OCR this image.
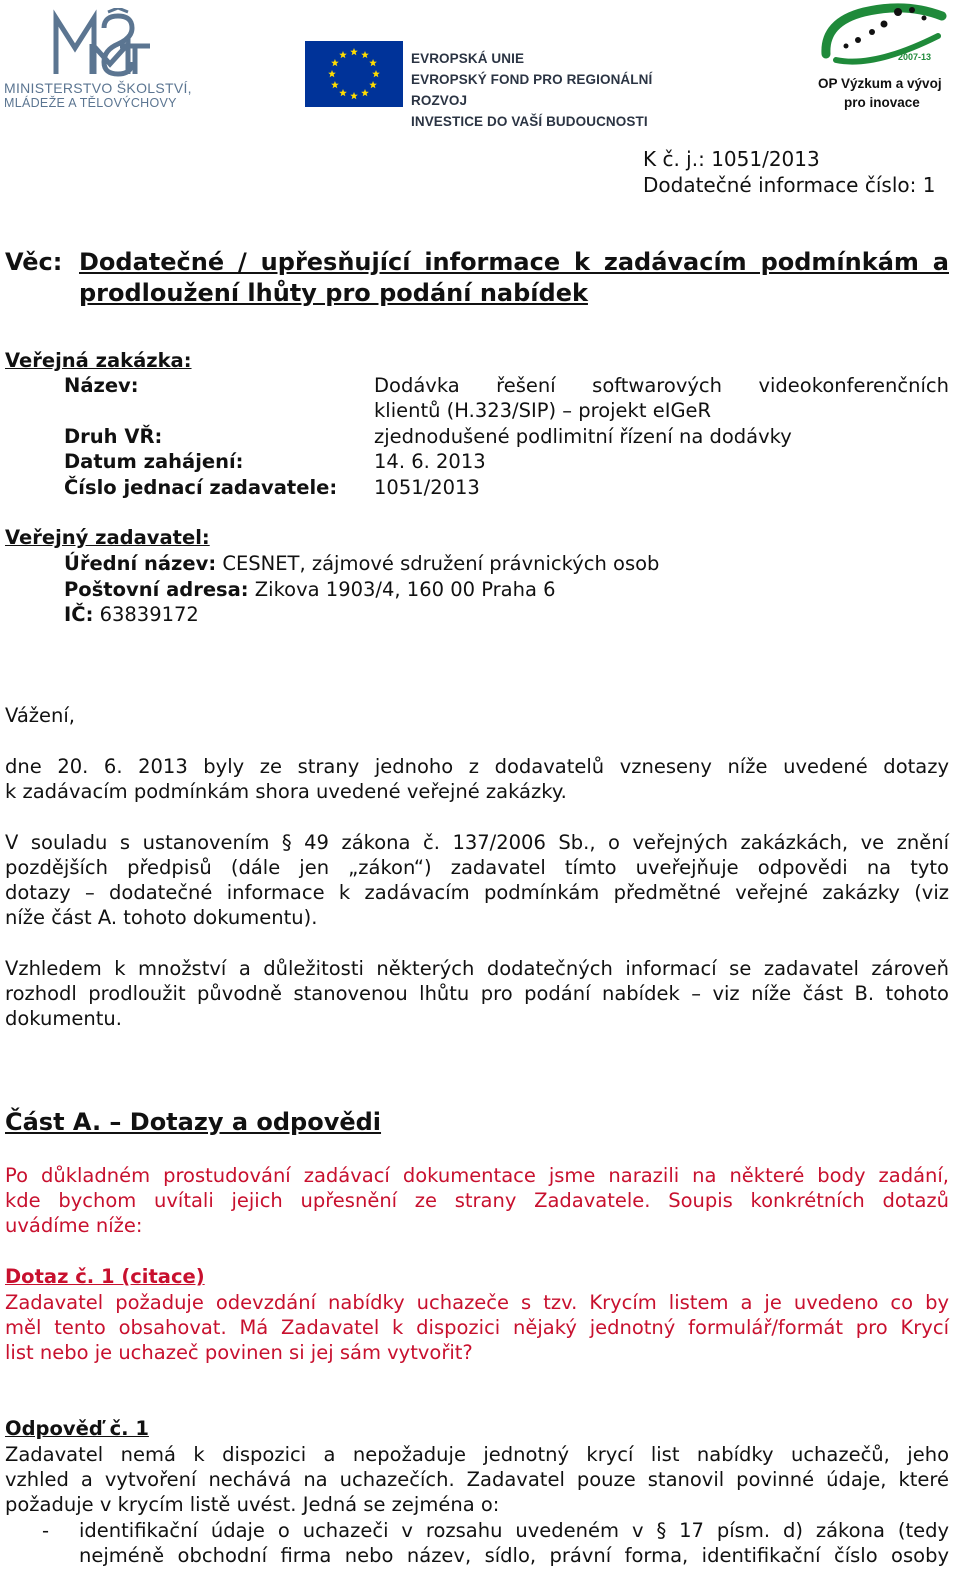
MINISTERSTVO ŠKOLSTVÍ,
MLÁDEŽE A TĚLOVÝCHOVY
EVROPSKÁ UNIE
EVROPSKÝ FOND PRO REGIONÁLNÍ ROZVOJ
INVESTICE DO VAŠÍ BUDOUCNOSTI
2007-13
OP Výzkum a vývoj
pro inovace
K č. j.: 1051/2013
Dodatečné informace číslo: 1
Věc: Dodatečné / upřesňující informace k zadávacím podmínkám a
prodloužení lhůty pro podání nabídek
Veřejná zakázka:
Název:	Dodávka řešení softwarových videokonferenčních
klientů (H.323/SIP) – projekt eIGeR
Druh VŘ:	zjednodušené podlimitní řízení na dodávky
Datum zahájení:	14. 6. 2013
Číslo jednací zadavatele: 1051/2013
Veřejný zadavatel:
Úřední název: CESNET, zájmové sdružení právnických osob
Poštovní adresa: Zikova 1903/4, 160 00 Praha 6
IČ: 63839172
Vážení,
dne 20. 6. 2013 byly ze strany jednoho z dodavatelů vzneseny níže uvedené dotazy
k zadávacím podmínkám shora uvedené veřejné zakázky.
V souladu s ustanovením § 49 zákona č. 137/2006 Sb., o veřejných zakázkách, ve znění
pozdějších předpisů (dále jen „zákon“) zadavatel tímto uveřejňuje odpovědi na tyto
dotazy – dodatečné informace k zadávacím podmínkám předmětné veřejné zakázky (viz
níže část A. tohoto dokumentu).
Vzhledem k množství a důležitosti některých dodatečných informací se zadavatel zároveň
rozhodl prodloužit původně stanovenou lhůtu pro podání nabídek – viz níže část B. tohoto
dokumentu.
Část A. – Dotazy a odpovědi
Po důkladném prostudování zadávací dokumentace jsme narazili na některé body zadání,
kde bychom uvítali jejich upřesnění ze strany Zadavatele. Soupis konkrétních dotazů
uvádíme níže:
Dotaz č. 1 (citace)
Zadavatel požaduje odevzdání nabídky uchazeče s tzv. Krycím listem a je uvedeno co by
měl tento obsahovat. Má Zadavatel k dispozici nějaký jednotný formulář/formát pro Krycí
list nebo je uchazeč povinen si jej sám vytvořit?
Odpověď č. 1
Zadavatel nemá k dispozici a nepožaduje jednotný krycí list nabídky uchazečů, jeho
vzhled a vytvoření nechává na uchazečích. Zadavatel pouze stanovil povinné údaje, které
požaduje v krycím listě uvést. Jedná se zejména o:
- identifikační údaje o uchazeči v rozsahu uvedeném v § 17 písm. d) zákona (tedy
nejméně obchodní firma nebo název, sídlo, právní forma, identifikační číslo osoby
